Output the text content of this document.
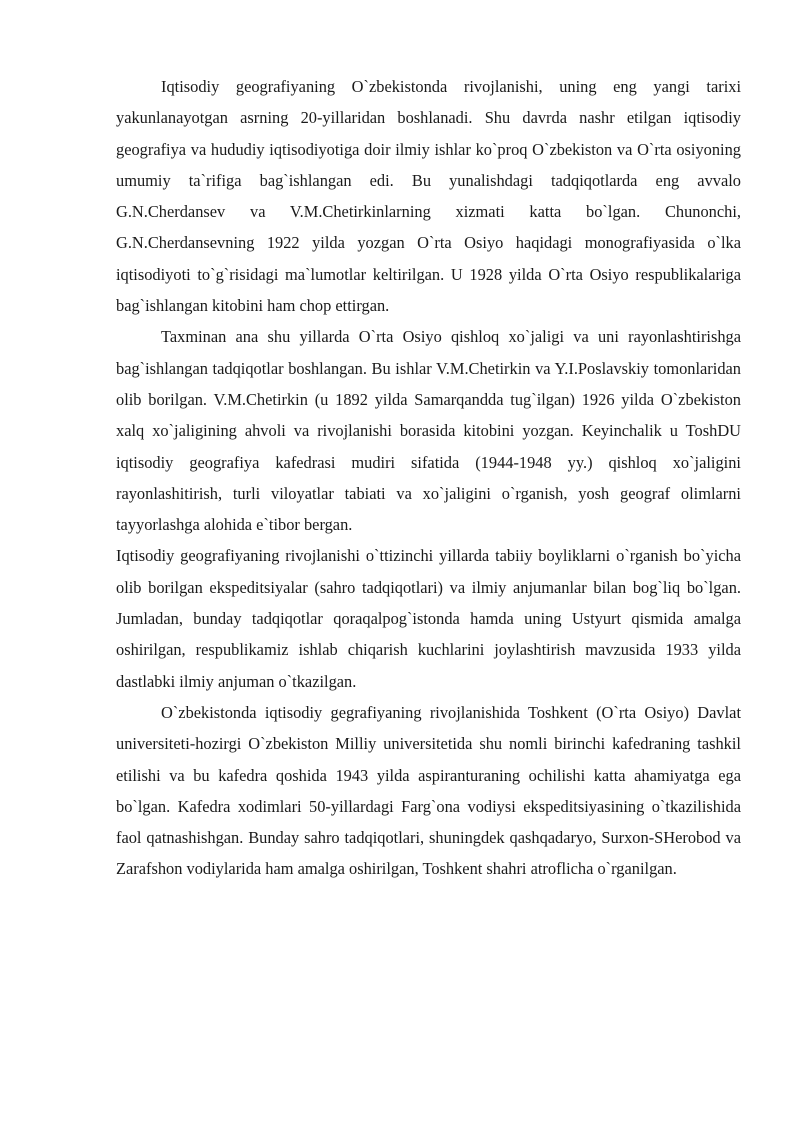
Iqtisodiy geografiyaning O`zbekistonda rivojlanishi, uning eng yangi tarixi yakunlanayotgan asrning 20-yillaridan boshlanadi. Shu davrda nashr etilgan iqtisodiy geografiya va hududiy iqtisodiyotiga doir ilmiy ishlar ko`proq O`zbekiston va O`rta osiyoning umumiy ta`rifiga bag`ishlangan edi. Bu yunalishdagi tadqiqotlarda eng avvalo G.N.Cherdansev va V.M.Chetirkinlarning xizmati katta bo`lgan. Chunonchi, G.N.Cherdansevning 1922 yilda yozgan O`rta Osiyo haqidagi monografiyasida o`lka iqtisodiyoti to`g`risidagi ma`lumotlar keltirilgan. U 1928 yilda O`rta Osiyo respublikalariga bag`ishlangan kitobini ham chop ettirgan.

Taxminan ana shu yillarda O`rta Osiyo qishloq xo`jaligi va uni rayonlashtirishga bag`ishlangan tadqiqotlar boshlangan. Bu ishlar V.M.Chetirkin va Y.I.Poslavskiy tomonlaridan olib borilgan. V.M.Chetirkin (u 1892 yilda Samarqandda tug`ilgan) 1926 yilda O`zbekiston xalq xo`jaligining ahvoli va rivojlanishi borasida kitobini yozgan. Keyinchalik u ToshDU iqtisodiy geografiya kafedrasi mudiri sifatida (1944-1948 yy.) qishloq xo`jaligini rayonlashitirish, turli viloyatlar tabiati va xo`jaligini o`rganish, yosh geograf olimlarni tayyorlashga alohida e`tibor bergan.

Iqtisodiy geografiyaning rivojlanishi o`ttizinchi yillarda tabiiy boyliklarni o`rganish bo`yicha olib borilgan ekspeditsiyalar (sahro tadqiqotlari) va ilmiy anjumanlar bilan bog`liq bo`lgan. Jumladan, bunday tadqiqotlar qoraqalpog`istonda hamda uning Ustyurt qismida amalga oshirilgan, respublikamiz ishlab chiqarish kuchlarini joylashtirish mavzusida 1933 yilda dastlabki ilmiy anjuman o`tkazilgan.

O`zbekistonda iqtisodiy gegrafiyaning rivojlanishida Toshkent (O`rta Osiyo) Davlat universiteti-hozirgi O`zbekiston Milliy universitetida shu nomli birinchi kafedraning tashkil etilishi va bu kafedra qoshida 1943 yilda aspiranturaning ochilishi katta ahamiyatga ega bo`lgan. Kafedra xodimlari 50-yillardagi Farg`ona vodiysi ekspeditsiyasining o`tkazilishida faol qatnashishgan. Bunday sahro tadqiqotlari, shuningdek qashqadaryo, Surxon-SHerobod va Zarafshon vodiylarida ham amalga oshirilgan, Toshkent shahri atroflicha o`rganilgan.
